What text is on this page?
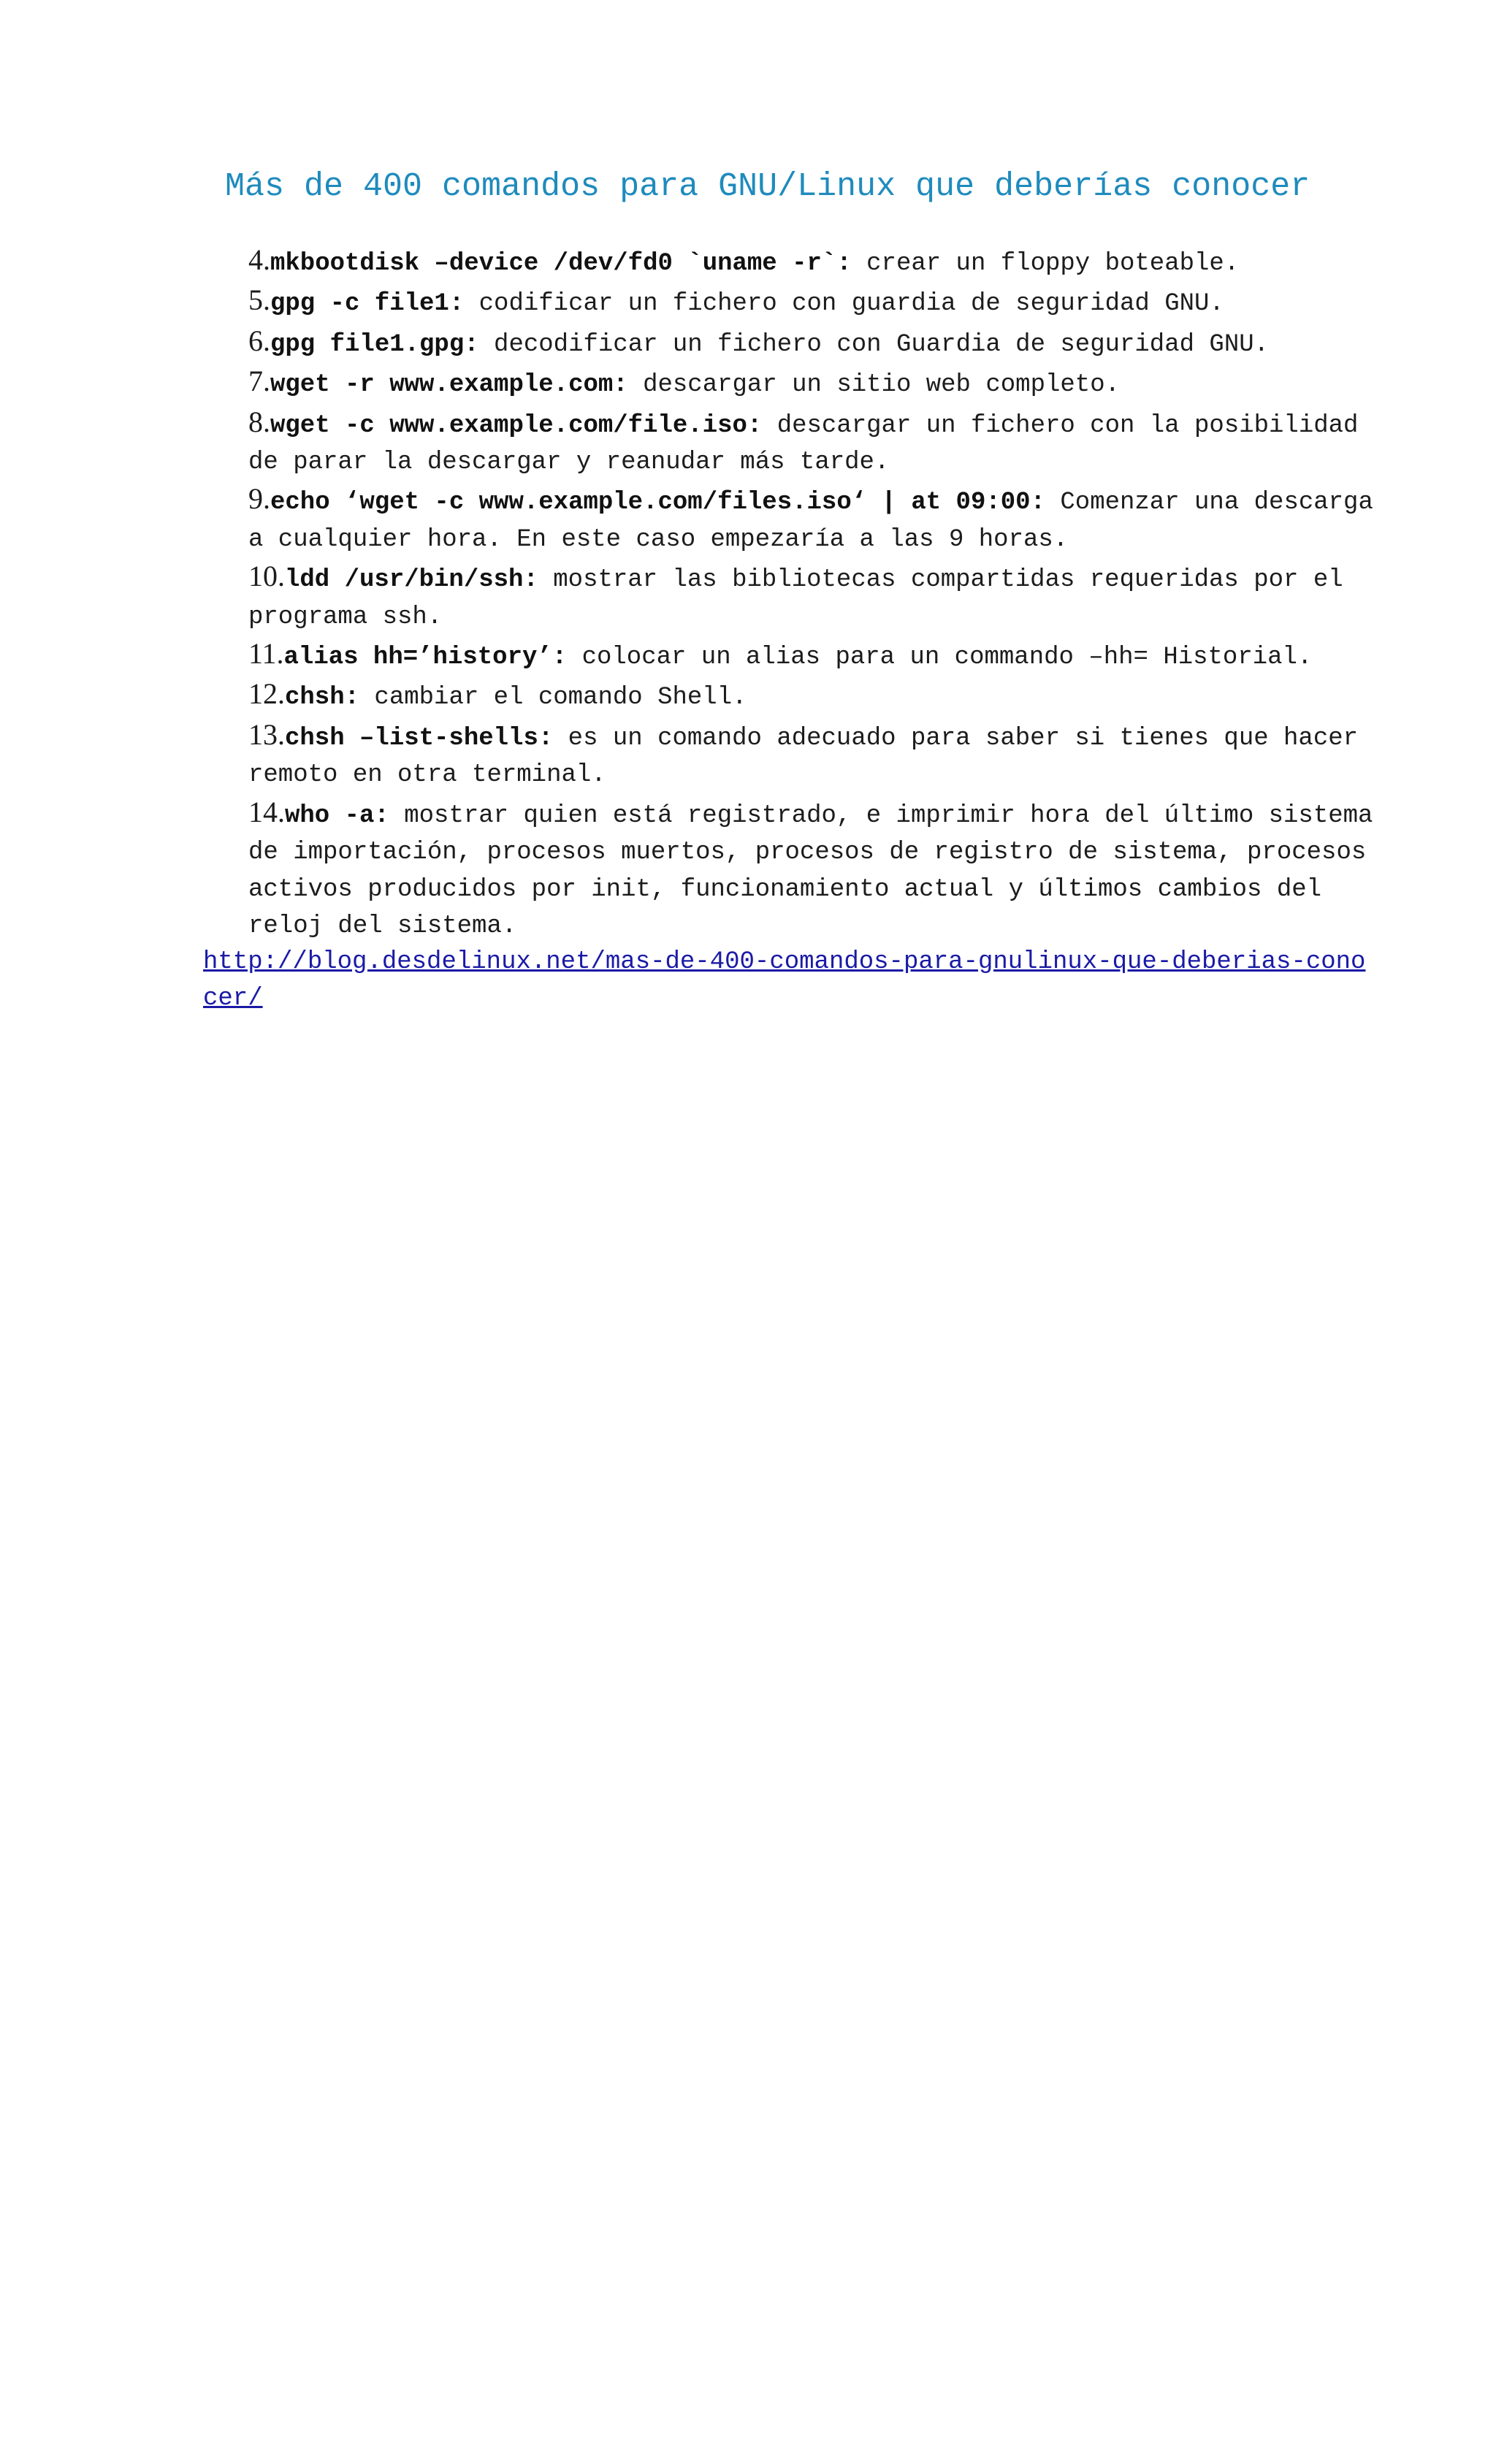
Más de 400 comandos para GNU/Linux que deberías conocer
4.mkbootdisk –device /dev/fd0 `uname -r`: crear un floppy boteable.
5.gpg -c file1: codificar un fichero con guardia de seguridad GNU.
6.gpg file1.gpg: decodificar un fichero con Guardia de seguridad GNU.
7.wget -r www.example.com: descargar un sitio web completo.
8.wget -c www.example.com/file.iso: descargar un fichero con la posibilidad de parar la descargar y reanudar más tarde.
9.echo ‘wget -c www.example.com/files.iso‘ | at 09:00: Comenzar una descarga a cualquier hora. En este caso empezaría a las 9 horas.
10.ldd /usr/bin/ssh: mostrar las bibliotecas compartidas requeridas por el programa ssh.
11.alias hh=’history’: colocar un alias para un commando –hh= Historial.
12.chsh: cambiar el comando Shell.
13.chsh –list-shells: es un comando adecuado para saber si tienes que hacer remoto en otra terminal.
14.who -a: mostrar quien está registrado, e imprimir hora del último sistema de importación, procesos muertos, procesos de registro de sistema, procesos activos producidos por init, funcionamiento actual y últimos cambios del reloj del sistema.
http://blog.desdelinux.net/mas-de-400-comandos-para-gnulinux-que-deberias-conocer/
